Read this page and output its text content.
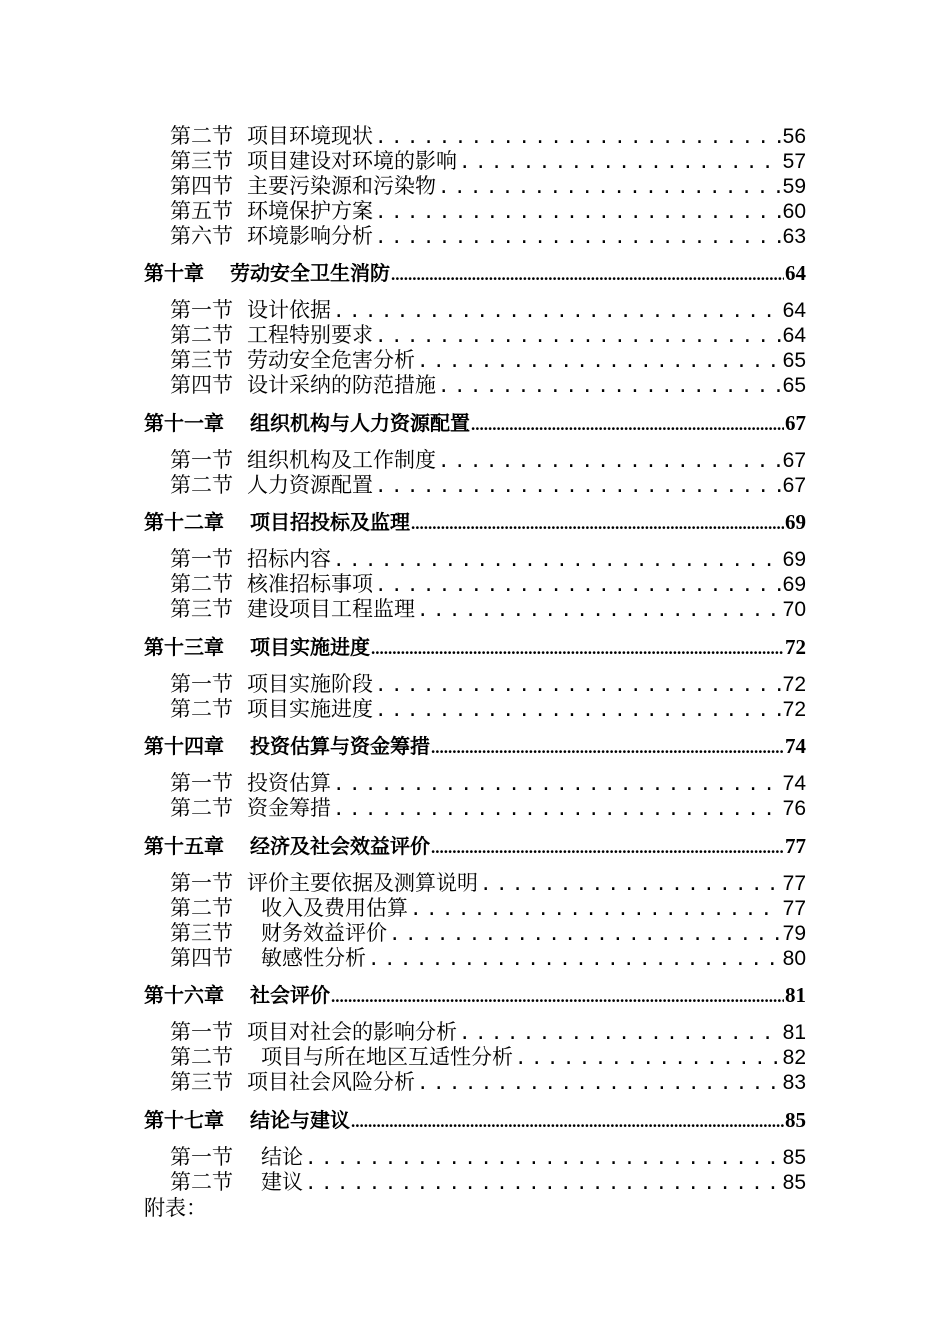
第二节 项目环境现状 .....	56
第三节 项目建设对环境的影响 .....	57
第四节 主要污染源和污染物 .....	59
第五节 环境保护方案 .....	60
第六节 环境影响分析 .....	63
第十章 劳动安全卫生消防 .....	64
第一节 设计依据 .....	64
第二节 工程特别要求 .....	64
第三节 劳动安全危害分析 .....	65
第四节 设计采纳的防范措施 .....	65
第十一章 组织机构与人力资源配置 .....	67
第一节 组织机构及工作制度 .....	67
第二节 人力资源配置 .....	67
第十二章 项目招投标及监理 .....	69
第一节 招标内容 .....	69
第二节 核准招标事项 .....	69
第三节 建设项目工程监理 .....	70
第十三章 项目实施进度 .....	72
第一节 项目实施阶段 .....	72
第二节 项目实施进度 .....	72
第十四章 投资估算与资金筹措 .....	74
第一节 投资估算 .....	74
第二节 资金筹措 .....	76
第十五章 经济及社会效益评价 .....	77
第一节 评价主要依据及测算说明 .....	77
第二节 收入及费用估算 .....	77
第三节 财务效益评价 .....	79
第四节 敏感性分析 .....	80
第十六章 社会评价 .....	81
第一节 项目对社会的影响分析 .....	81
第二节 项目与所在地区互适性分析 .....	82
第三节 项目社会风险分析 .....	83
第十七章 结论与建议 .....	85
第一节 结论 .....	85
第二节 建议 .....	85
附表：
